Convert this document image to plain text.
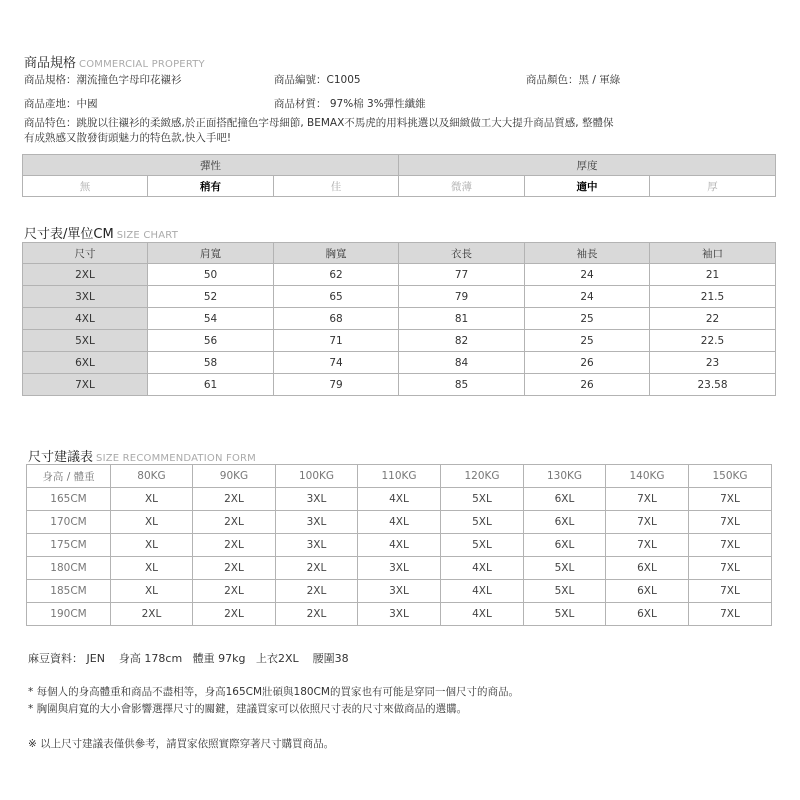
商品規格 COMMERCIAL PROPERTY
商品規格：潮流撞色字母印花襯衫	商品編號：C1005	商品顏色：黑 / 軍綠
商品產地：中國	商品材質： 97%棉 3%彈性纖維
商品特色：跳脫以往襯衫的柔緻感,於正面搭配撞色字母細節, BEMAX不馬虎的用料挑選以及細緻做工大大提升商品質感, 整體保
有成熟感又散發街頭魅力的特色款,快入手吧!
彈性			厚度		
無	稍有	佳	微薄	適中	厚
尺寸表/單位CM SIZE CHART
尺寸	肩寬	胸寬	衣長	袖長	袖口
2XL	50	62	77	24	21
3XL	52	65	79	24	21.5
4XL	54	68	81	25	22
5XL	56	71	82	25	22.5
6XL	58	74	84	26	23
7XL	61	79	85	26	23.58
尺寸建議表 SIZE RECOMMENDATION FORM
身高 / 體重	80KG	90KG	100KG	110KG	120KG	130KG	140KG	150KG
165CM	XL	2XL	3XL	4XL	5XL	6XL	7XL	7XL
170CM	XL	2XL	3XL	4XL	5XL	6XL	7XL	7XL
175CM	XL	2XL	3XL	4XL	5XL	6XL	7XL	7XL
180CM	XL	2XL	2XL	3XL	4XL	5XL	6XL	7XL
185CM	XL	2XL	2XL	3XL	4XL	5XL	6XL	7XL
190CM	2XL	2XL	2XL	3XL	4XL	5XL	6XL	7XL
麻豆資料： JEN    身高 178cm   體重 97kg   上衣2XL    腰圍38
* 每個人的身高體重和商品不盡相等，身高165CM壯碩與180CM的買家也有可能是穿同一個尺寸的商品。
* 胸圍與肩寬的大小會影響選擇尺寸的關鍵，建議買家可以依照尺寸表的尺寸來做商品的選購。
※ 以上尺寸建議表僅供參考，請買家依照實際穿著尺寸購買商品。
